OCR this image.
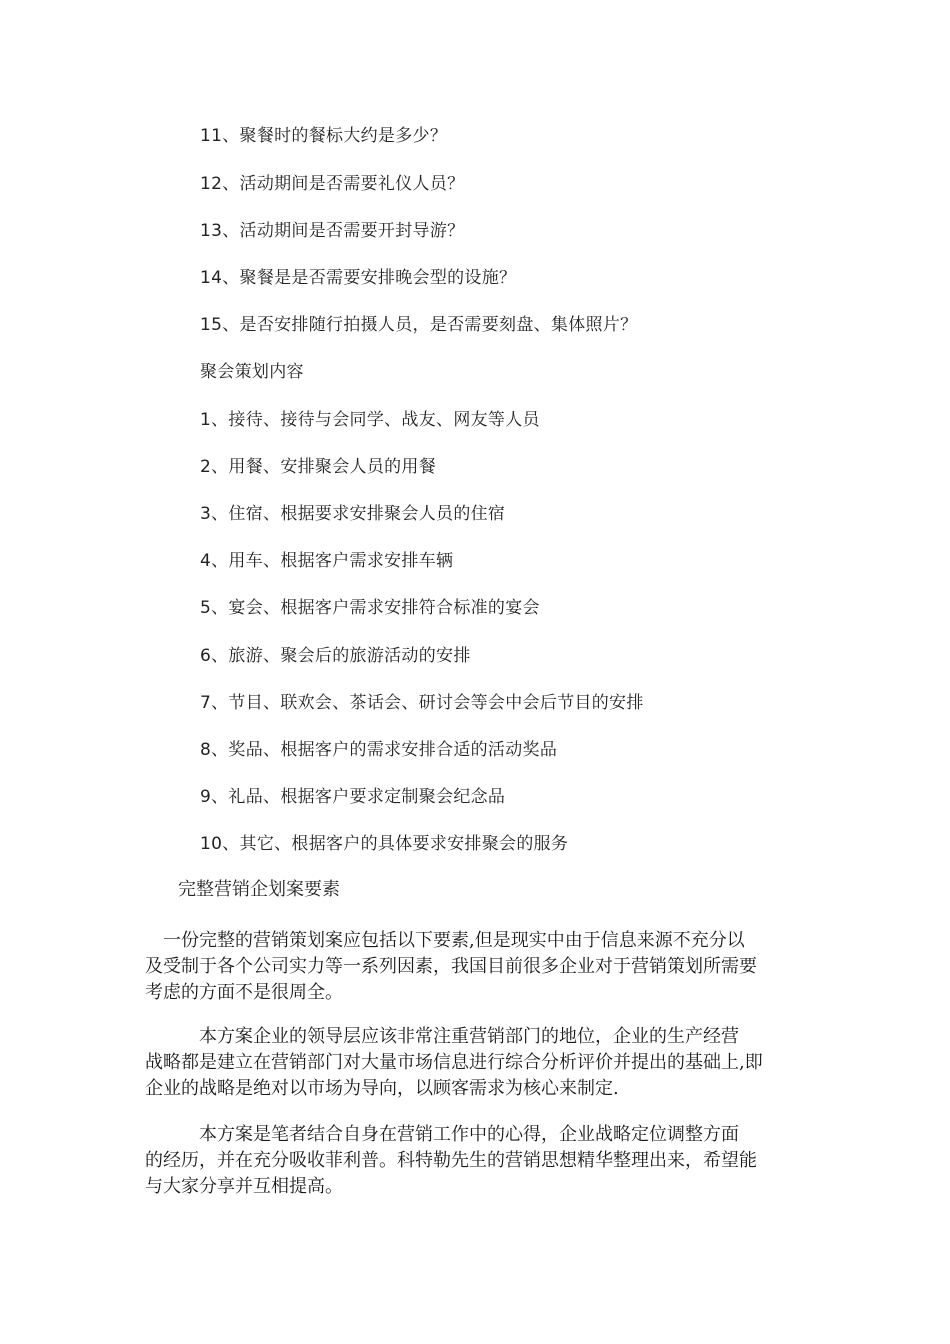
11、聚餐时的餐标大约是多少？
12、活动期间是否需要礼仪人员？
13、活动期间是否需要开封导游？
14、聚餐是是否需要安排晚会型的设施？
15、是否安排随行拍摄人员，是否需要刻盘、集体照片？
聚会策划内容
1、接待、接待与会同学、战友、网友等人员
2、用餐、安排聚会人员的用餐
3、住宿、根据要求安排聚会人员的住宿
4、用车、根据客户需求安排车辆
5、宴会、根据客户需求安排符合标准的宴会
6、旅游、聚会后的旅游活动的安排
7、节目、联欢会、茶话会、研讨会等会中会后节目的安排
8、奖品、根据客户的需求安排合适的活动奖品
9、礼品、根据客户要求定制聚会纪念品
10、其它、根据客户的具体要求安排聚会的服务
完整营销企划案要素

　一份完整的营销策划案应包括以下要素,但是现实中由于信息来源不充分以

及受制于各个公司实力等一系列因素，我国目前很多企业对于营销策划所需要

考虑的方面不是很周全。

　　　本方案企业的领导层应该非常注重营销部门的地位，企业的生产经营

战略都是建立在营销部门对大量市场信息进行综合分析评价并提出的基础上,即

企业的战略是绝对以市场为导向，以顾客需求为核心来制定.

　　　本方案是笔者结合自身在营销工作中的心得，企业战略定位调整方面

的经历，并在充分吸收菲利普。科特勒先生的营销思想精华整理出来，希望能

与大家分享并互相提高。
